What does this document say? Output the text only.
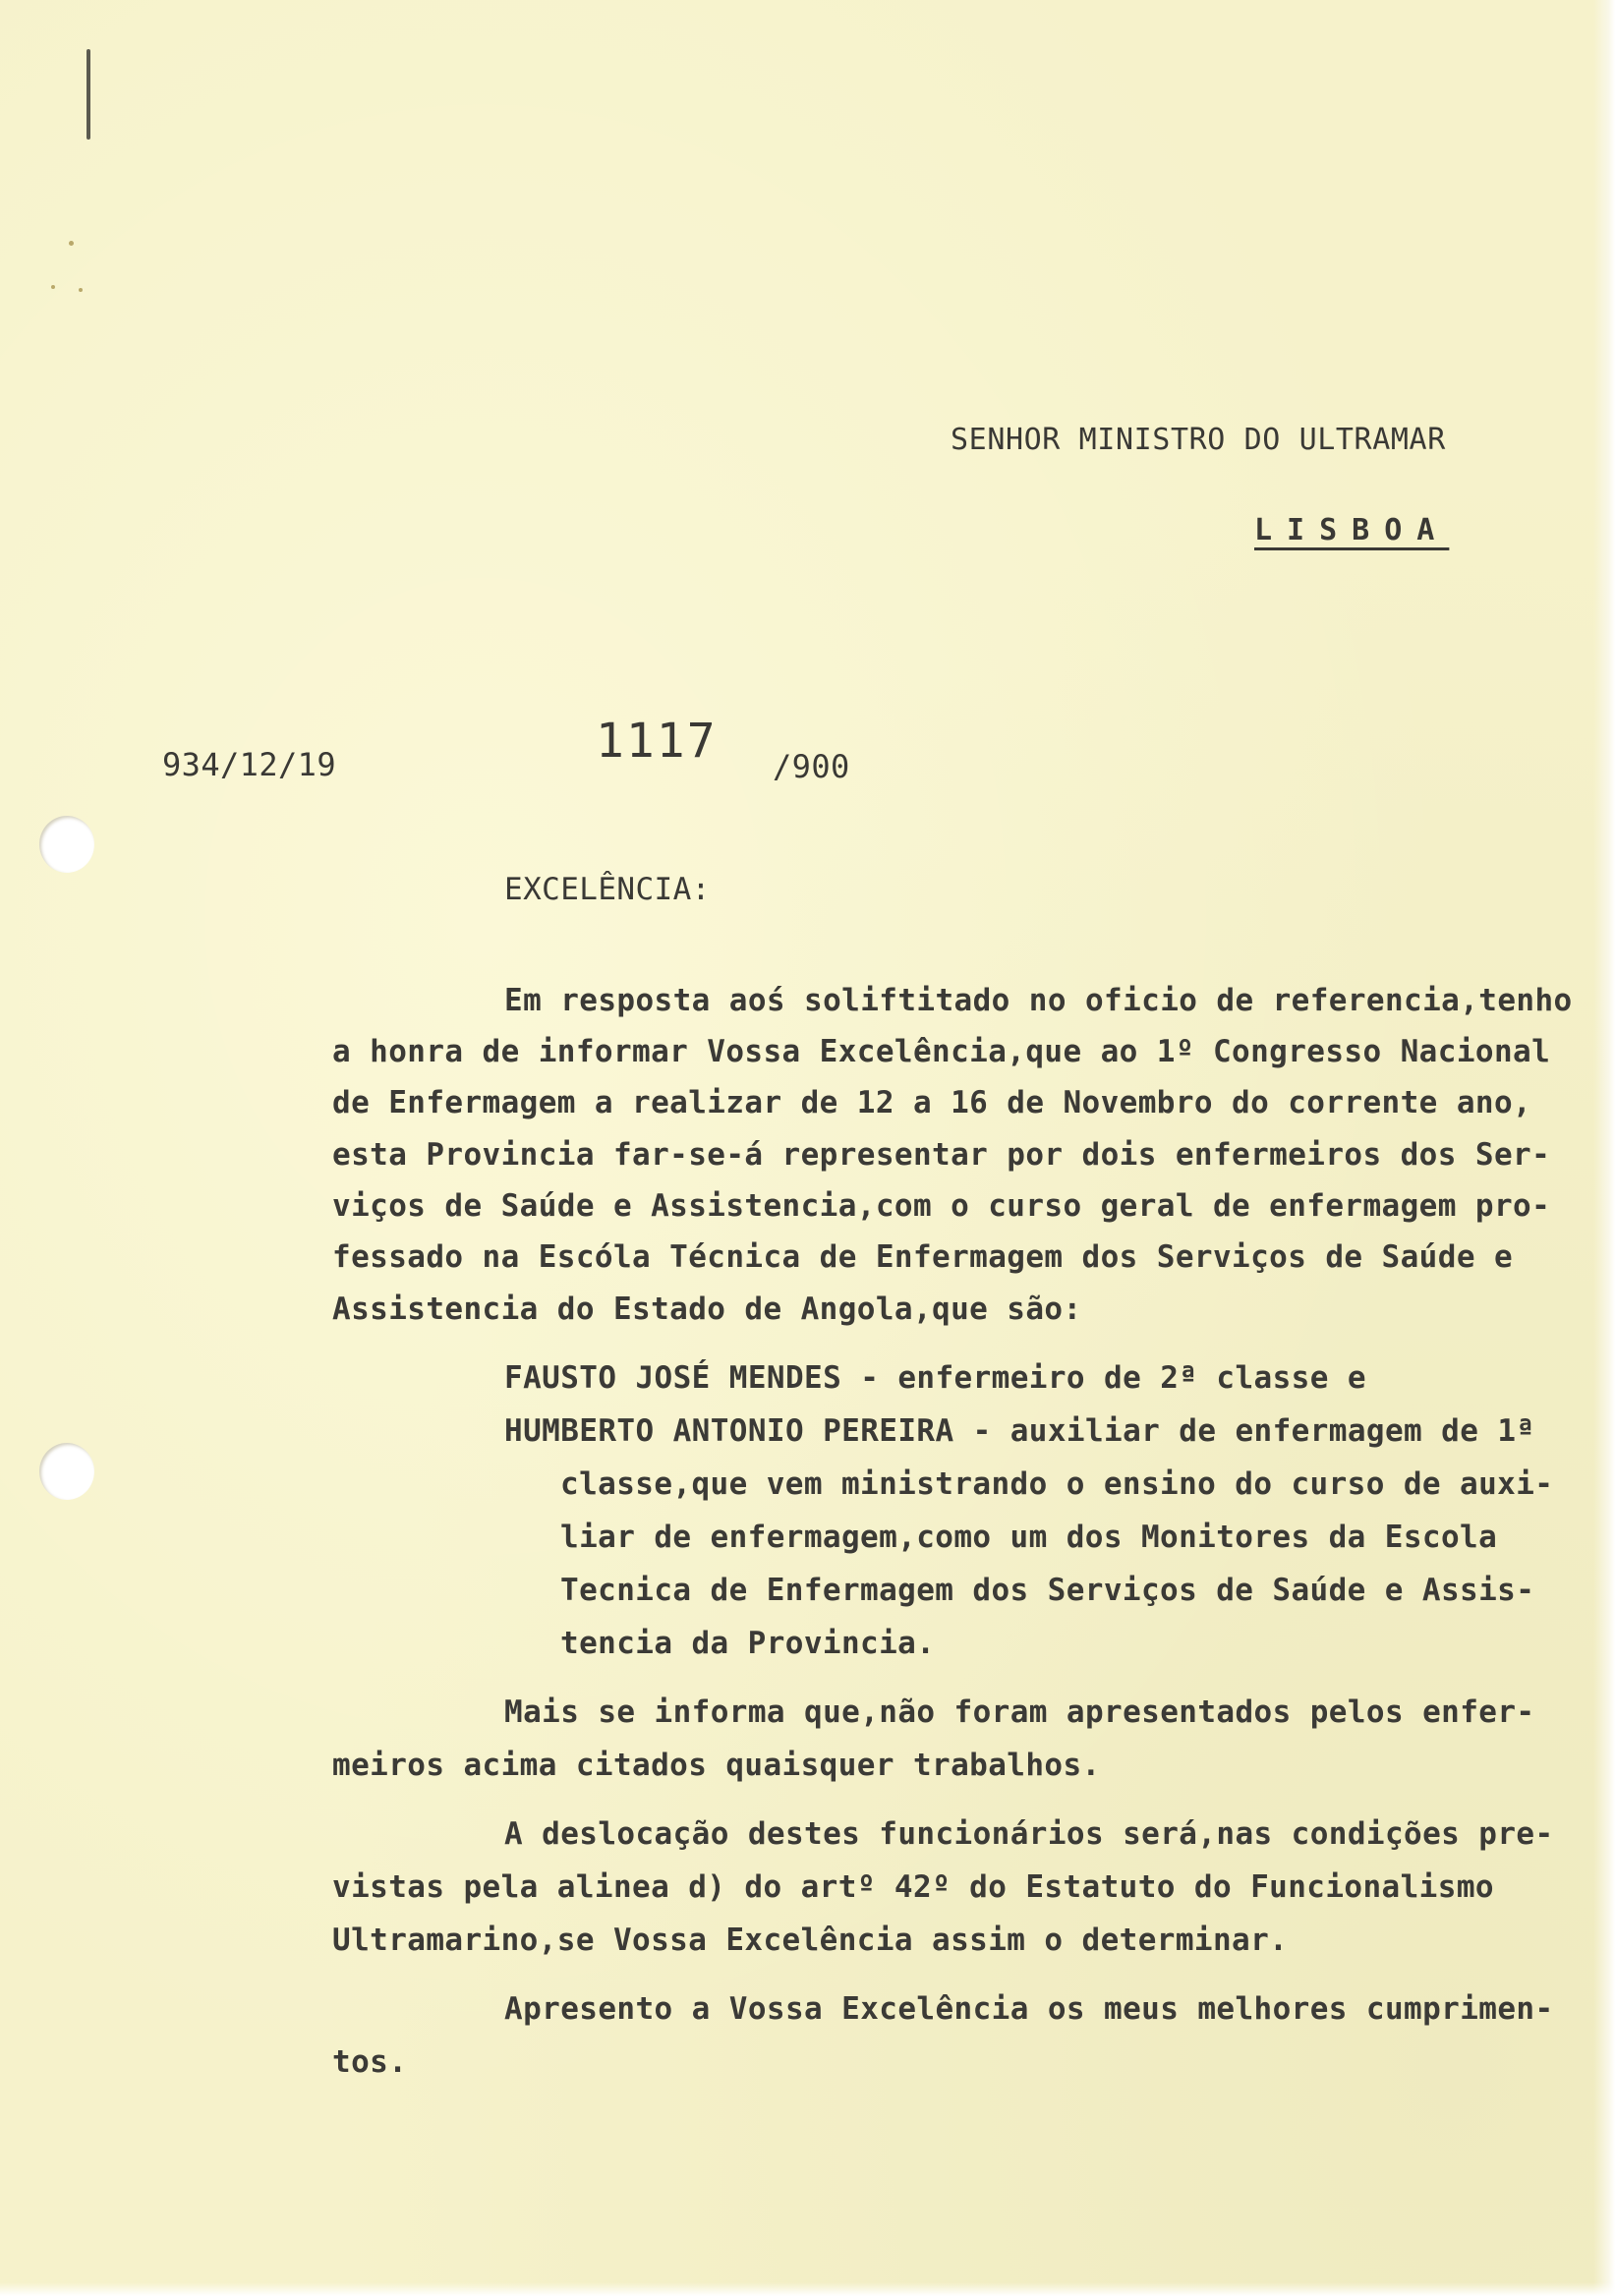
SENHOR MINISTRO DO ULTRAMAR
LISBOA
934/12/19	1117 /900
EXCELÊNCIA:
Em resposta aoś soliftitado no oficio de referencia,tenho
a honra de informar Vossa Excelência,que ao 1º Congresso Nacional
de Enfermagem a realizar de 12 a 16 de Novembro do corrente ano,
esta Provincia far-se-á representar por dois enfermeiros dos Ser-
viços de Saúde e Assistencia,com o curso geral de enfermagem pro-
fessado na Escóla Técnica de Enfermagem dos Serviços de Saúde e
Assistencia do Estado de Angola,que são:
FAUSTO JOSÉ MENDES - enfermeiro de 2ª classe e
HUMBERTO ANTONIO PEREIRA - auxiliar de enfermagem de 1ª
classe,que vem ministrando o ensino do curso de auxi-
liar de enfermagem,como um dos Monitores da Escola
Tecnica de Enfermagem dos Serviços de Saúde e Assis-
tencia da Provincia.
Mais se informa que,não foram apresentados pelos enfer-
meiros acima citados quaisquer trabalhos.
A deslocação destes funcionários será,nas condições pre-
vistas pela alinea d) do artº 42º do Estatuto do Funcionalismo
Ultramarino,se Vossa Excelência assim o determinar.
Apresento a Vossa Excelência os meus melhores cumprimen-
tos.
